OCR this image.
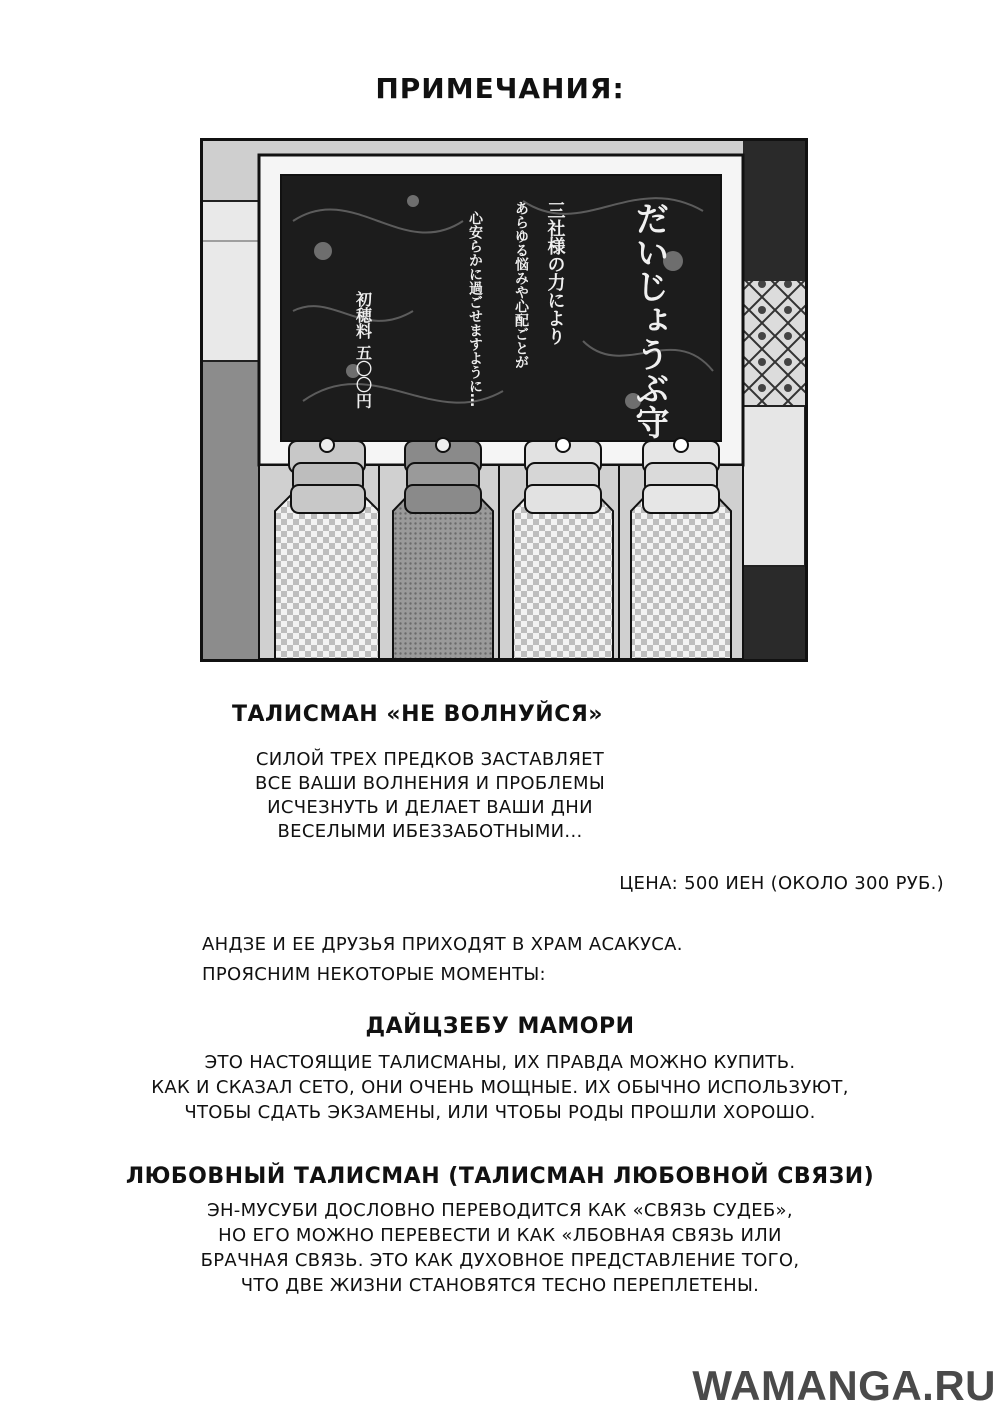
ПРИМЕЧАНИЯ:
だいじょうぶ守
三社様の力により
あらゆる悩みや心配ごとが
心安らかに過ごせますように…
初穂料 五〇〇円
ТАЛИСМАН «НЕ ВОЛНУЙСЯ»
СИЛОЙ ТРЕХ ПРЕДКОВ ЗАСТАВЛЯЕТ
ВСЕ ВАШИ ВОЛНЕНИЯ И ПРОБЛЕМЫ
ИСЧЕЗНУТЬ И ДЕЛАЕТ ВАШИ ДНИ
ВЕСЕЛЫМИ ИБЕЗЗАБОТНЫМИ...
ЦЕНА: 500 ИЕН (ОКОЛО 300 РУБ.)
АНДЗЕ И ЕЕ ДРУЗЬЯ ПРИХОДЯТ В ХРАМ АСАКУСА.
ПРОЯСНИМ НЕКОТОРЫЕ МОМЕНТЫ:
ДАЙЦЗЕБУ МАМОРИ
ЭТО НАСТОЯЩИЕ ТАЛИСМАНЫ, ИХ ПРАВДА МОЖНО КУПИТЬ.
КАК И СКАЗАЛ СЕТО, ОНИ ОЧЕНЬ МОЩНЫЕ. ИХ ОБЫЧНО ИСПОЛЬЗУЮТ,
ЧТОБЫ СДАТЬ ЭКЗАМЕНЫ, ИЛИ ЧТОБЫ РОДЫ ПРОШЛИ ХОРОШО.
ЛЮБОВНЫЙ ТАЛИСМАН (ТАЛИСМАН ЛЮБОВНОЙ СВЯЗИ)
ЭН-МУСУБИ ДОСЛОВНО ПЕРЕВОДИТСЯ КАК «СВЯЗЬ СУДЕБ»,
НО ЕГО МОЖНО ПЕРЕВЕСТИ И КАК «ЛБОВНАЯ СВЯЗЬ ИЛИ
БРАЧНАЯ СВЯЗЬ. ЭТО КАК ДУХОВНОЕ ПРЕДСТАВЛЕНИЕ ТОГО,
ЧТО ДВЕ ЖИЗНИ СТАНОВЯТСЯ ТЕСНО ПЕРЕПЛЕТЕНЫ.
WAMANGA.RU
